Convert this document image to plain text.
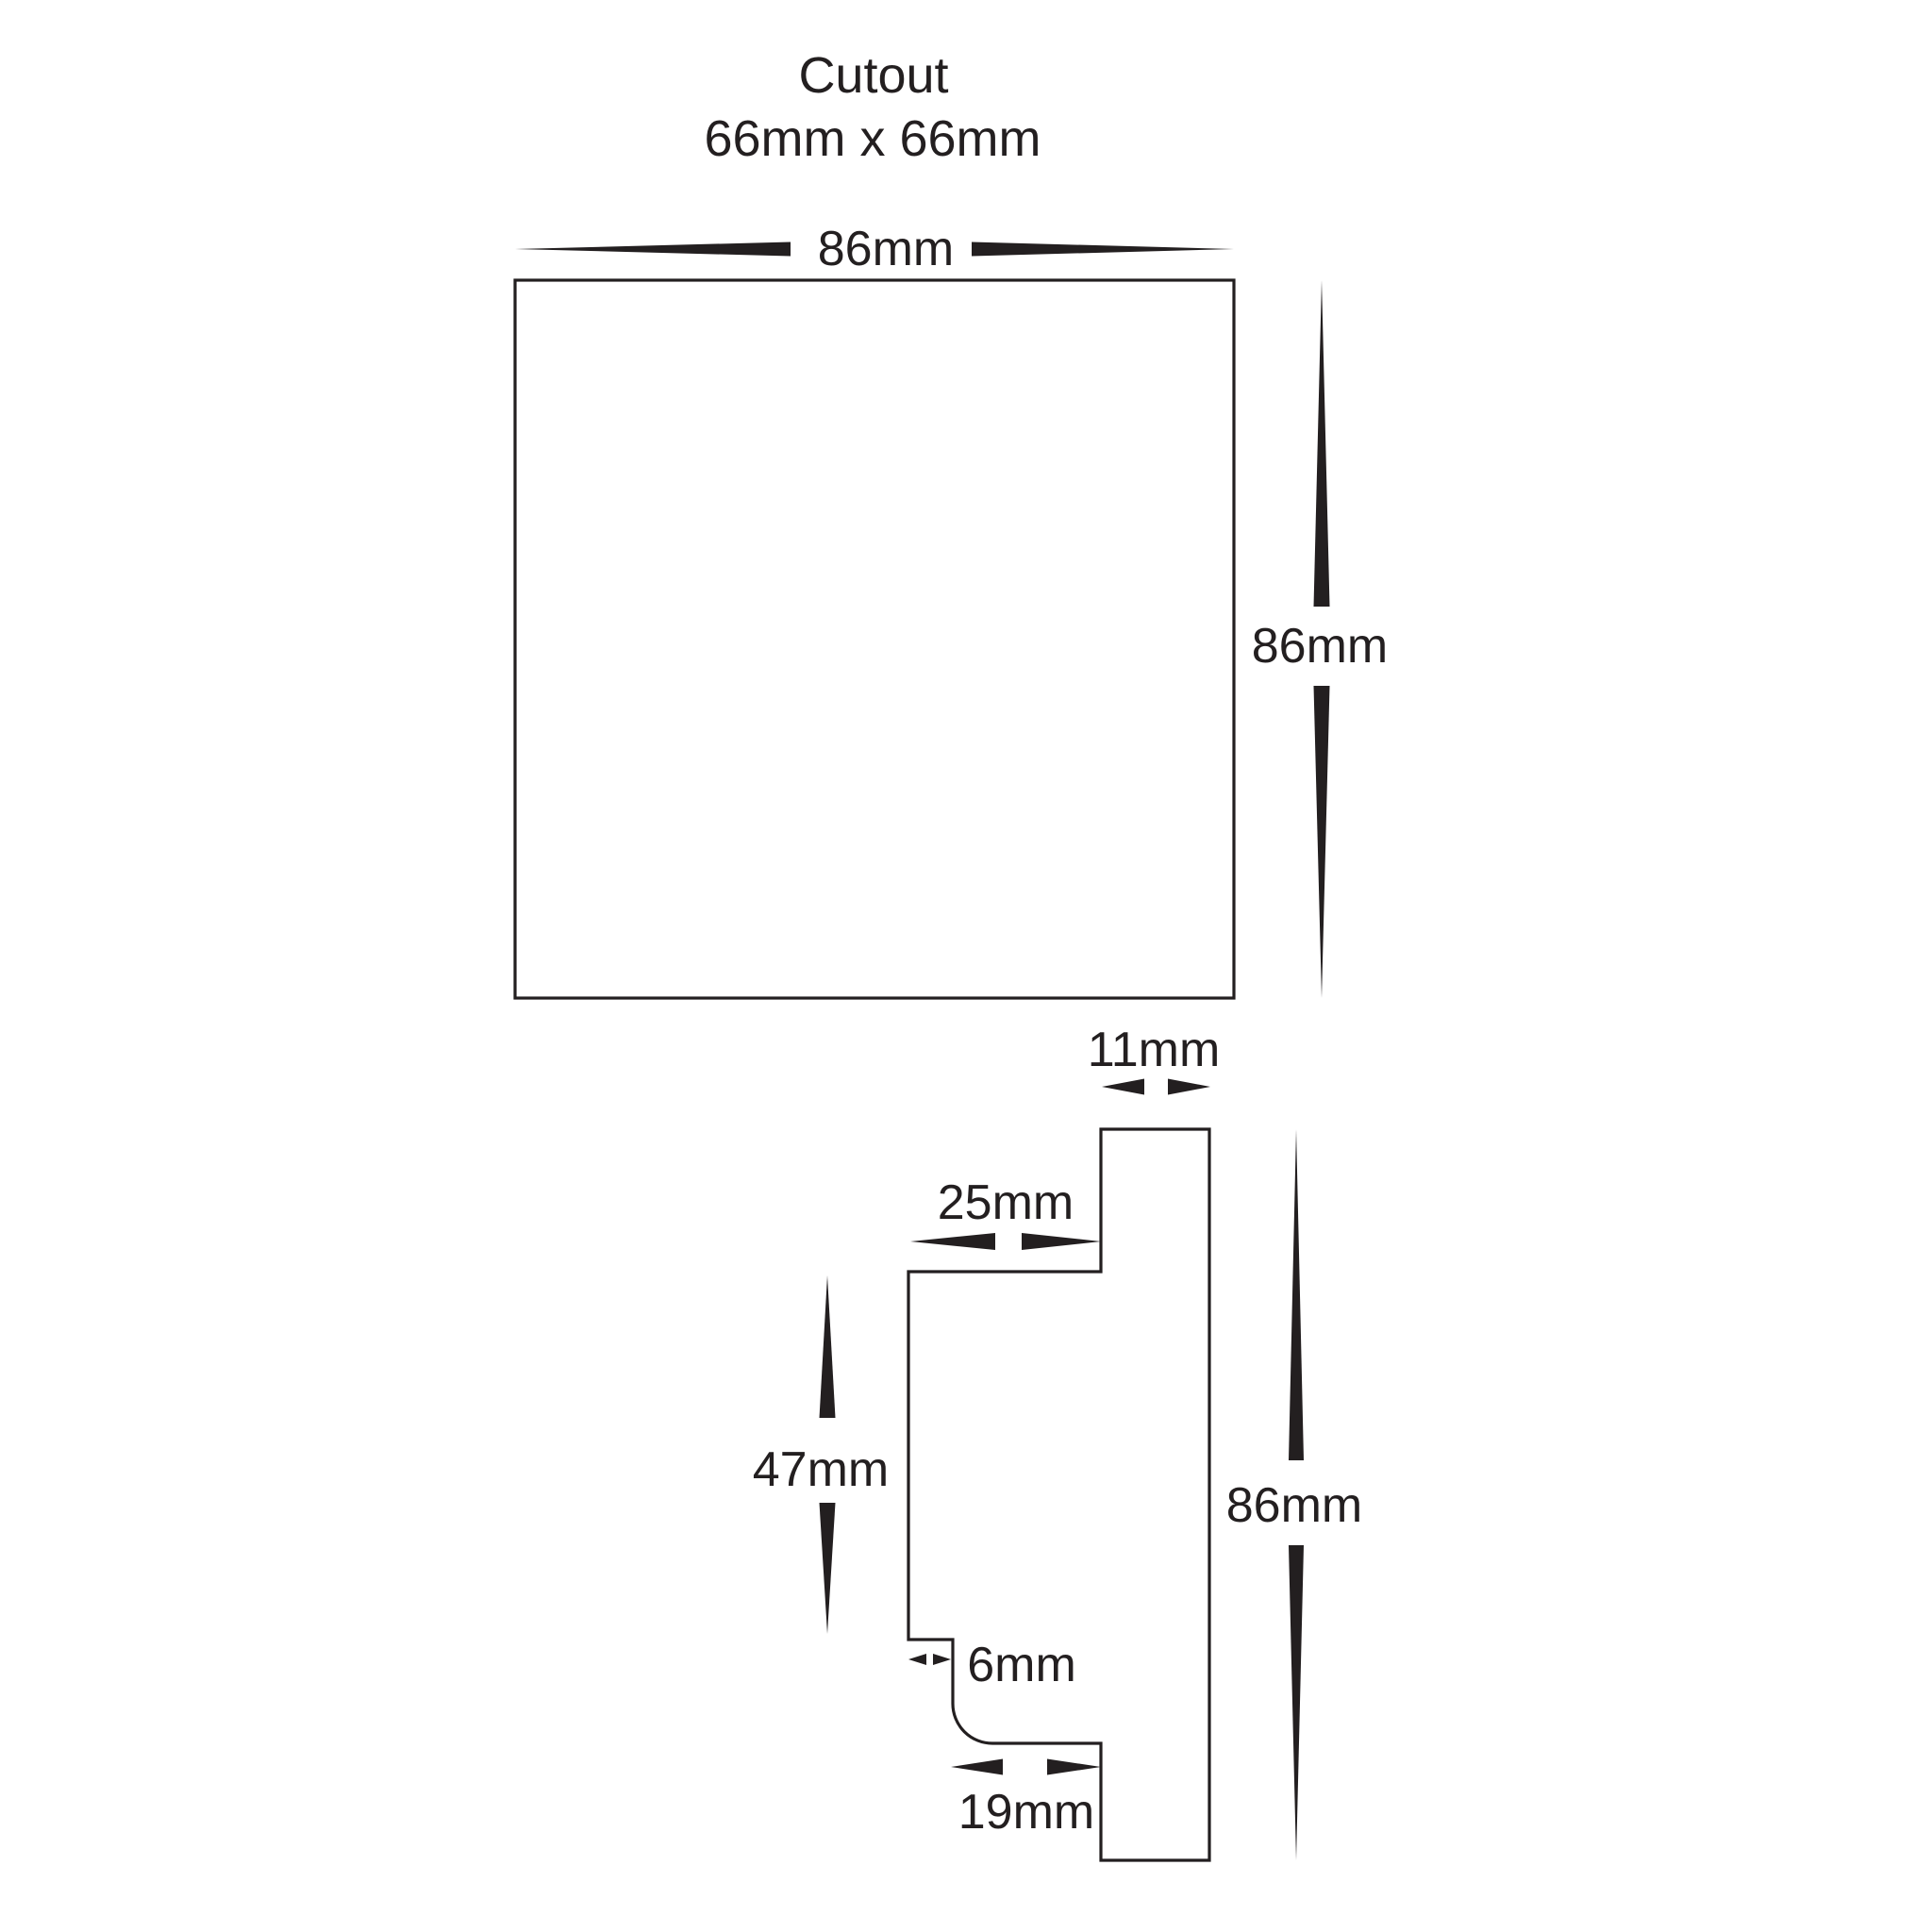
Cutout
66mm x 66mm
86mm
86mm
11mm
25mm
47mm
6mm
19mm
86mm
